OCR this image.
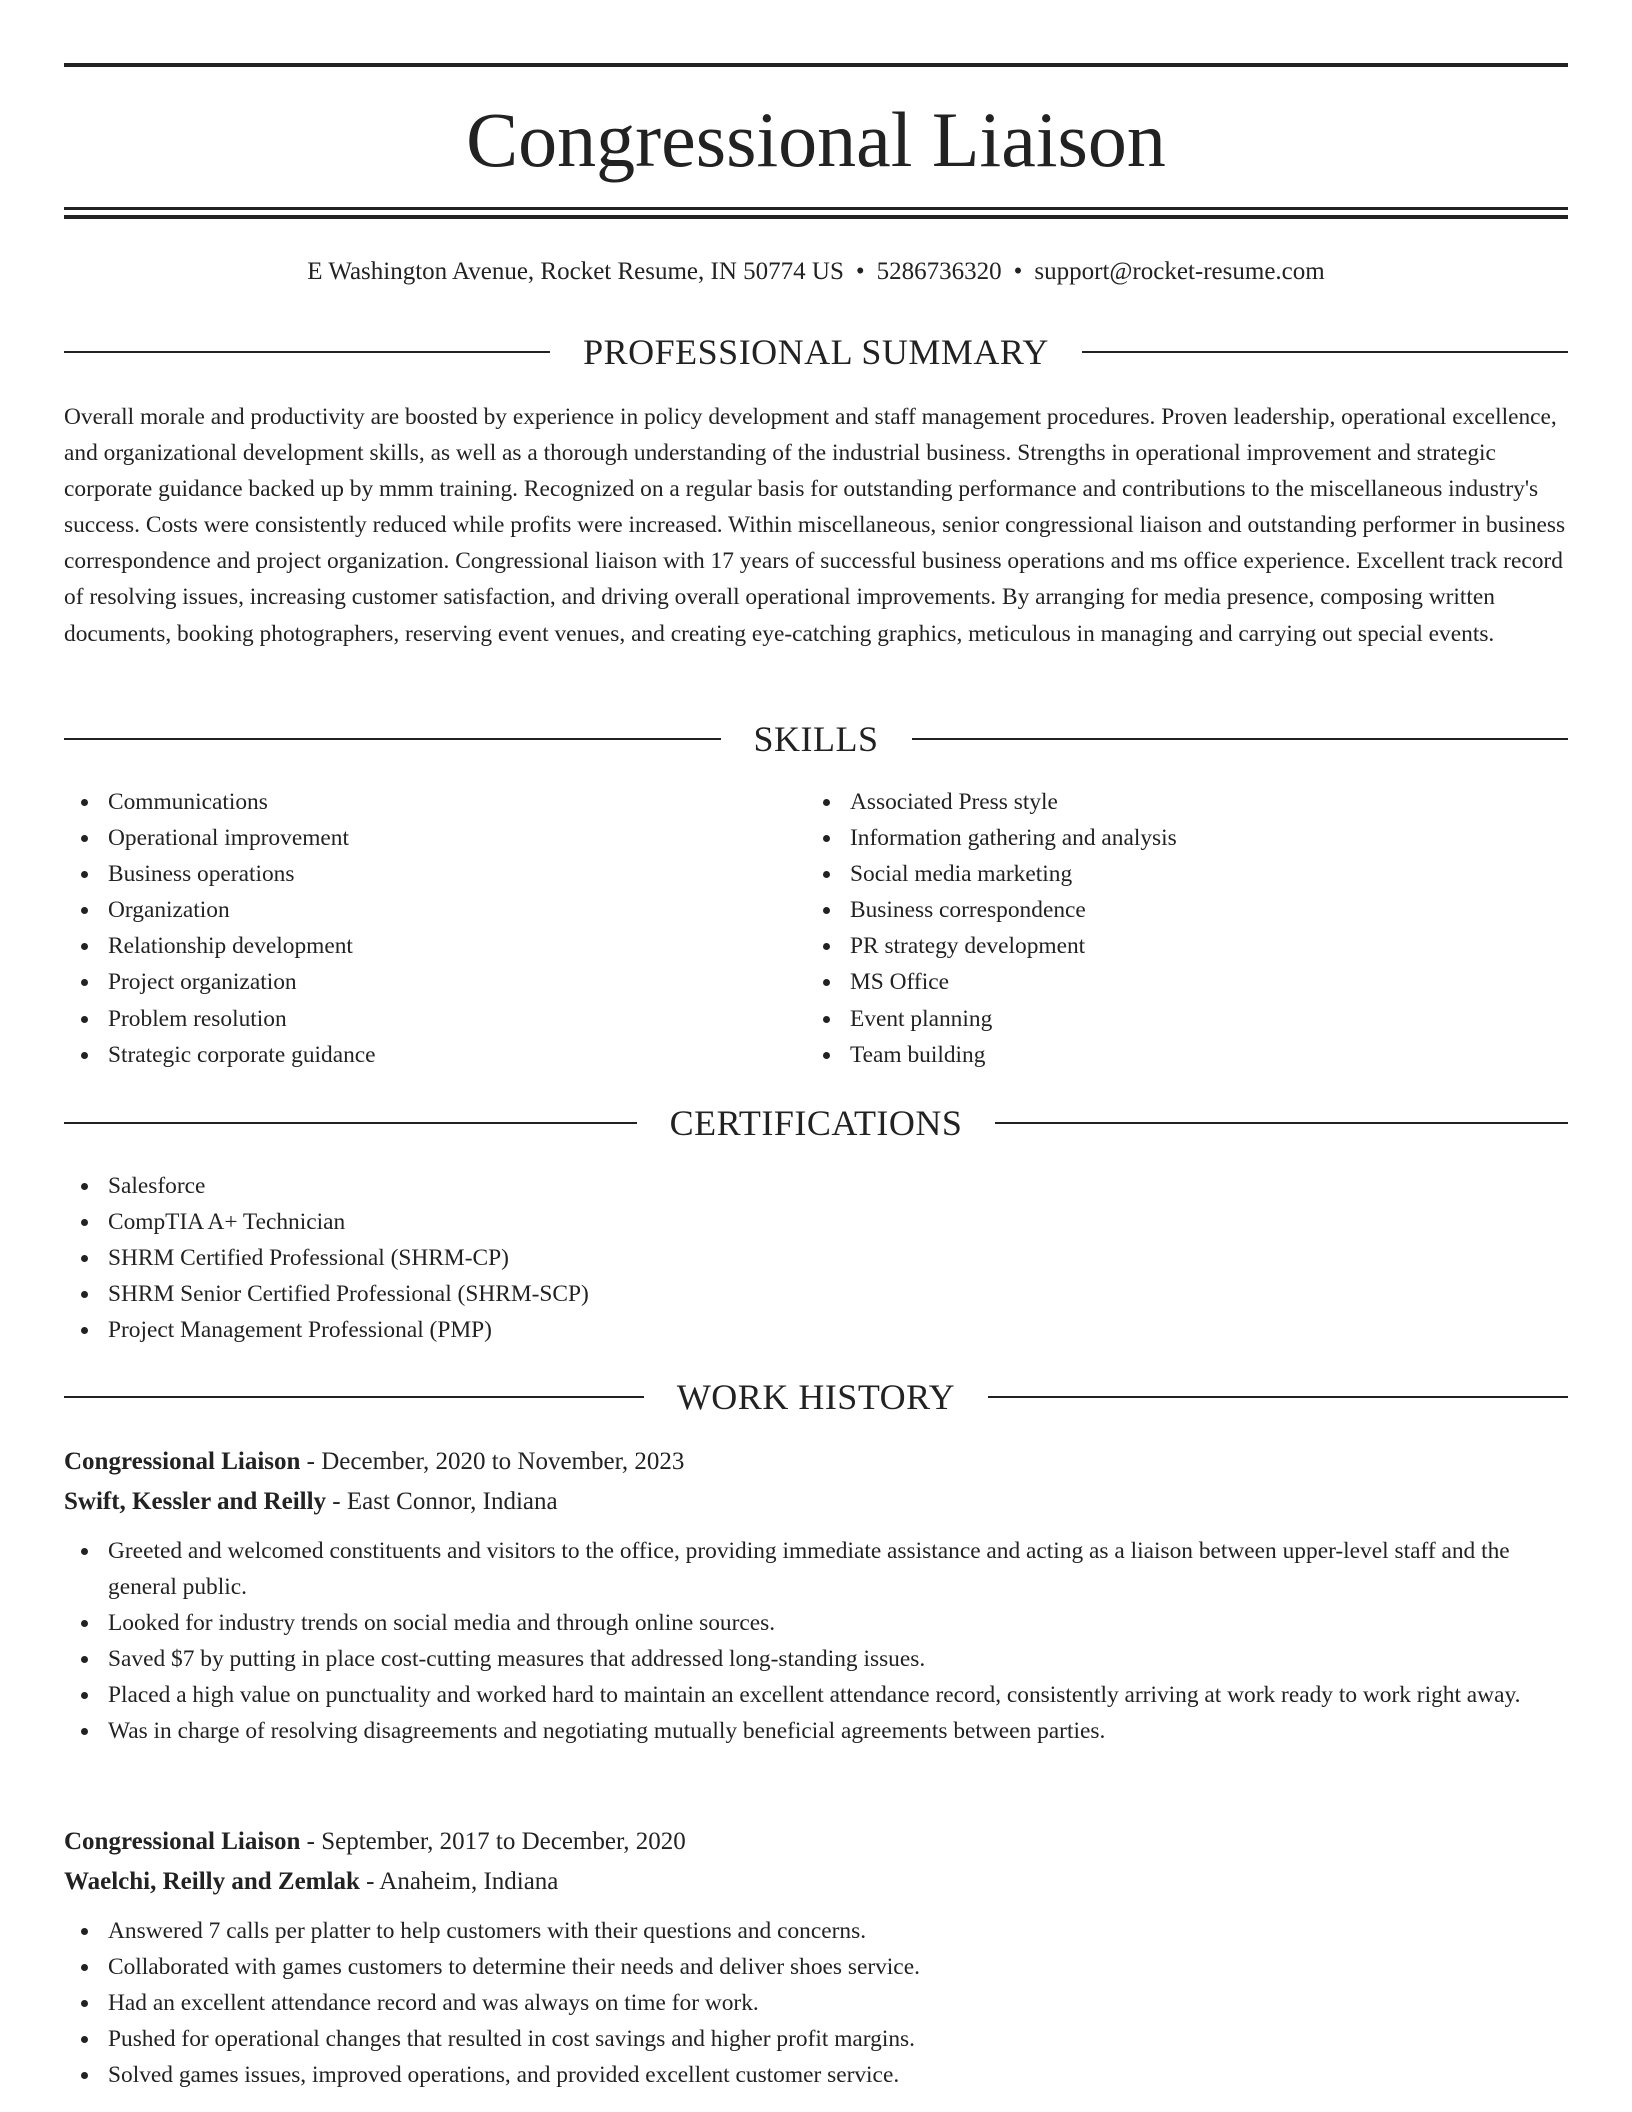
Congressional Liaison
E Washington Avenue, Rocket Resume, IN 50774 US • 5286736320 • support@rocket-resume.com
PROFESSIONAL SUMMARY

Overall morale and productivity are boosted by experience in policy development and staff management procedures. Proven leadership, operational excellence, and organizational development skills, as well as a thorough understanding of the industrial business. Strengths in operational improvement and strategic corporate guidance backed up by mmm training. Recognized on a regular basis for outstanding performance and contributions to the miscellaneous industry's success. Costs were consistently reduced while profits were increased. Within miscellaneous, senior congressional liaison and outstanding performer in business correspondence and project organization. Congressional liaison with 17 years of successful business operations and ms office experience. Excellent track record of resolving issues, increasing customer satisfaction, and driving overall operational improvements. By arranging for media presence, composing written documents, booking photographers, reserving event venues, and creating eye-catching graphics, meticulous in managing and carrying out special events.

SKILLS
Communications
Operational improvement
Business operations
Organization
Relationship development
Project organization
Problem resolution
Strategic corporate guidance
Associated Press style
Information gathering and analysis
Social media marketing
Business correspondence
PR strategy development
MS Office
Event planning
Team building
CERTIFICATIONS
Salesforce
CompTIA A+ Technician
SHRM Certified Professional (SHRM-CP)
SHRM Senior Certified Professional (SHRM-SCP)
Project Management Professional (PMP)
WORK HISTORY
Congressional Liaison - December, 2020 to November, 2023
Swift, Kessler and Reilly - East Connor, Indiana
Greeted and welcomed constituents and visitors to the office, providing immediate assistance and acting as a liaison between upper-level staff and the general public.
Looked for industry trends on social media and through online sources.
Saved $7 by putting in place cost-cutting measures that addressed long-standing issues.
Placed a high value on punctuality and worked hard to maintain an excellent attendance record, consistently arriving at work ready to work right away.
Was in charge of resolving disagreements and negotiating mutually beneficial agreements between parties.
Congressional Liaison - September, 2017 to December, 2020
Waelchi, Reilly and Zemlak - Anaheim, Indiana
Answered 7 calls per platter to help customers with their questions and concerns.
Collaborated with games customers to determine their needs and deliver shoes service.
Had an excellent attendance record and was always on time for work.
Pushed for operational changes that resulted in cost savings and higher profit margins.
Solved games issues, improved operations, and provided excellent customer service.
